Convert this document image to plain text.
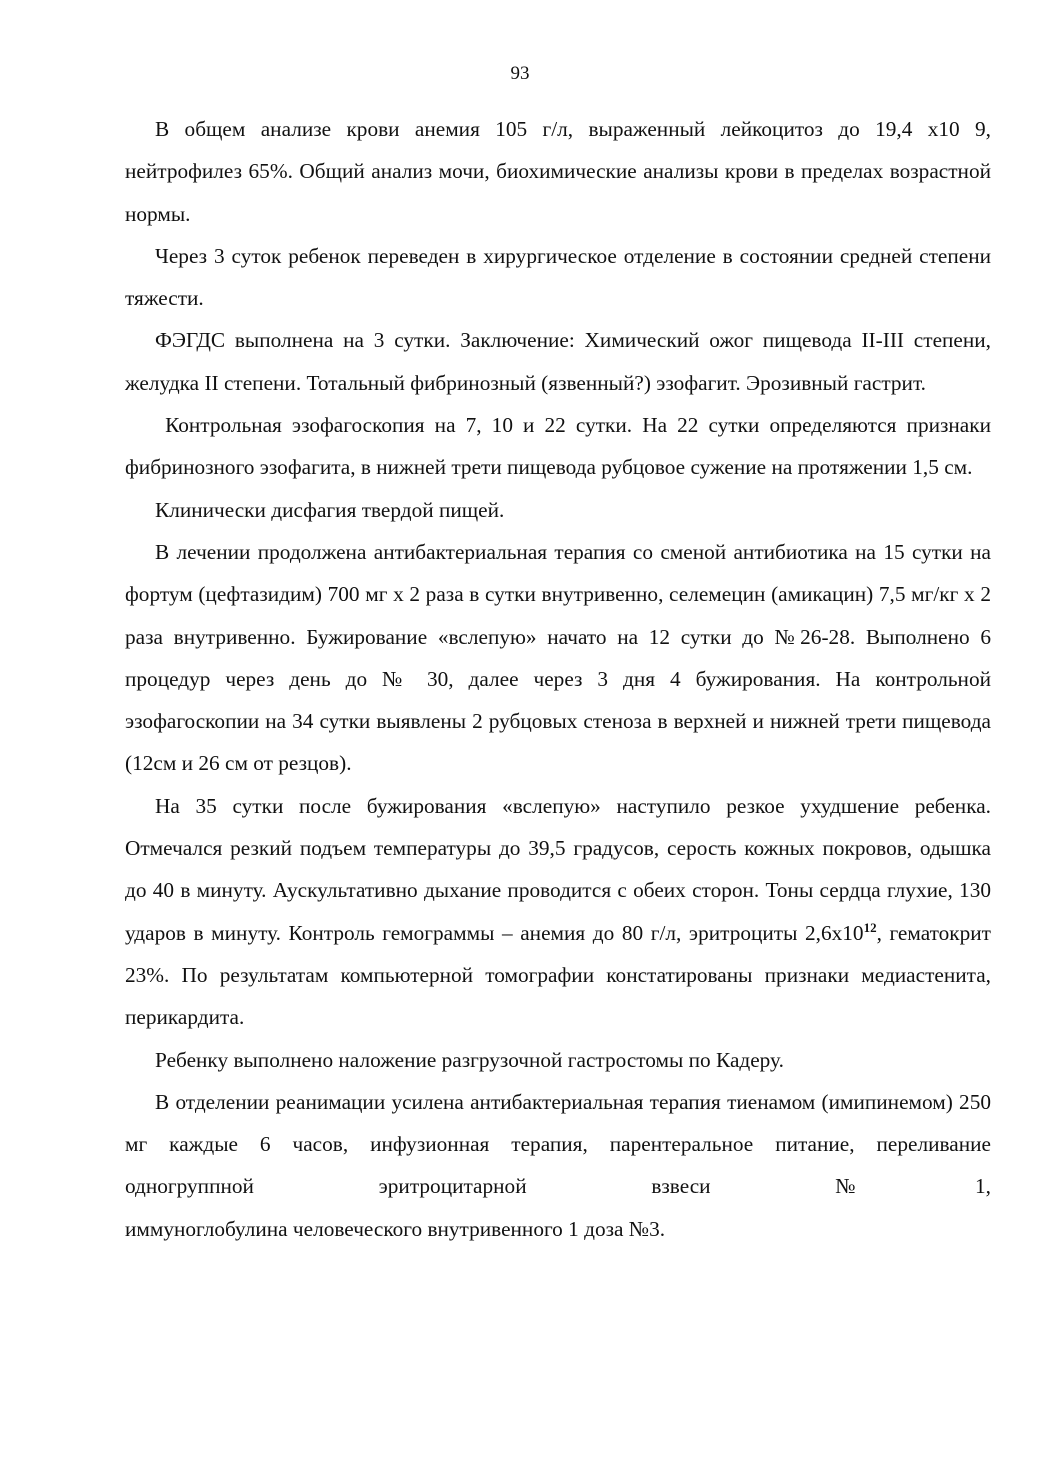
93

В общем анализе крови анемия 105 г/л, выраженный лейкоцитоз до 19,4 х10 9, нейтрофилез 65%. Общий анализ мочи, биохимические анализы крови в пределах возрастной нормы.

Через 3 суток ребенок переведен в хирургическое отделение в состоянии средней степени тяжести.

ФЭГДС выполнена на 3 сутки. Заключение: Химический ожог пищевода II-III степени, желудка II степени. Тотальный фибринозный (язвенный?) эзофагит. Эрозивный гастрит.

Контрольная эзофагоскопия на 7, 10 и 22 сутки. На 22 сутки определяются признаки фибринозного эзофагита, в нижней трети пищевода рубцовое сужение на протяжении 1,5 см.

Клинически дисфагия твердой пищей.

В лечении продолжена антибактериальная терапия со сменой антибиотика на 15 сутки на фортум (цефтазидим) 700 мг х 2 раза в сутки внутривенно, селемецин (амикацин) 7,5 мг/кг х 2 раза внутривенно. Бужирование «вслепую» начато на 12 сутки до №26-28. Выполнено 6 процедур через день до № 30, далее через 3 дня 4 бужирования. На контрольной эзофагоскопии на 34 сутки выявлены 2 рубцовых стеноза в верхней и нижней трети пищевода (12см и 26 см от резцов).

На 35 сутки после бужирования «вслепую» наступило резкое ухудшение ребенка. Отмечался резкий подъем температуры до 39,5 градусов, серость кожных покровов, одышка до 40 в минуту. Аускультативно дыхание проводится с обеих сторон. Тоны сердца глухие, 130 ударов в минуту. Контроль гемограммы – анемия до 80 г/л, эритроциты $2,6х10^{12}$, гематокрит 23%. По результатам компьютерной томографии констатированы признаки медиастенита, перикардита.

Ребенку выполнено наложение разгрузочной гастростомы по Кадеру.

В отделении реанимации усилена антибактериальная терапия тиенамом (имипинемом) 250 мг каждые 6 часов, инфузионная терапия, парентеральное питание, переливание одногруппной эритроцитарной взвеси №1,

иммуноглобулина человеческого внутривенного 1 доза №3.
